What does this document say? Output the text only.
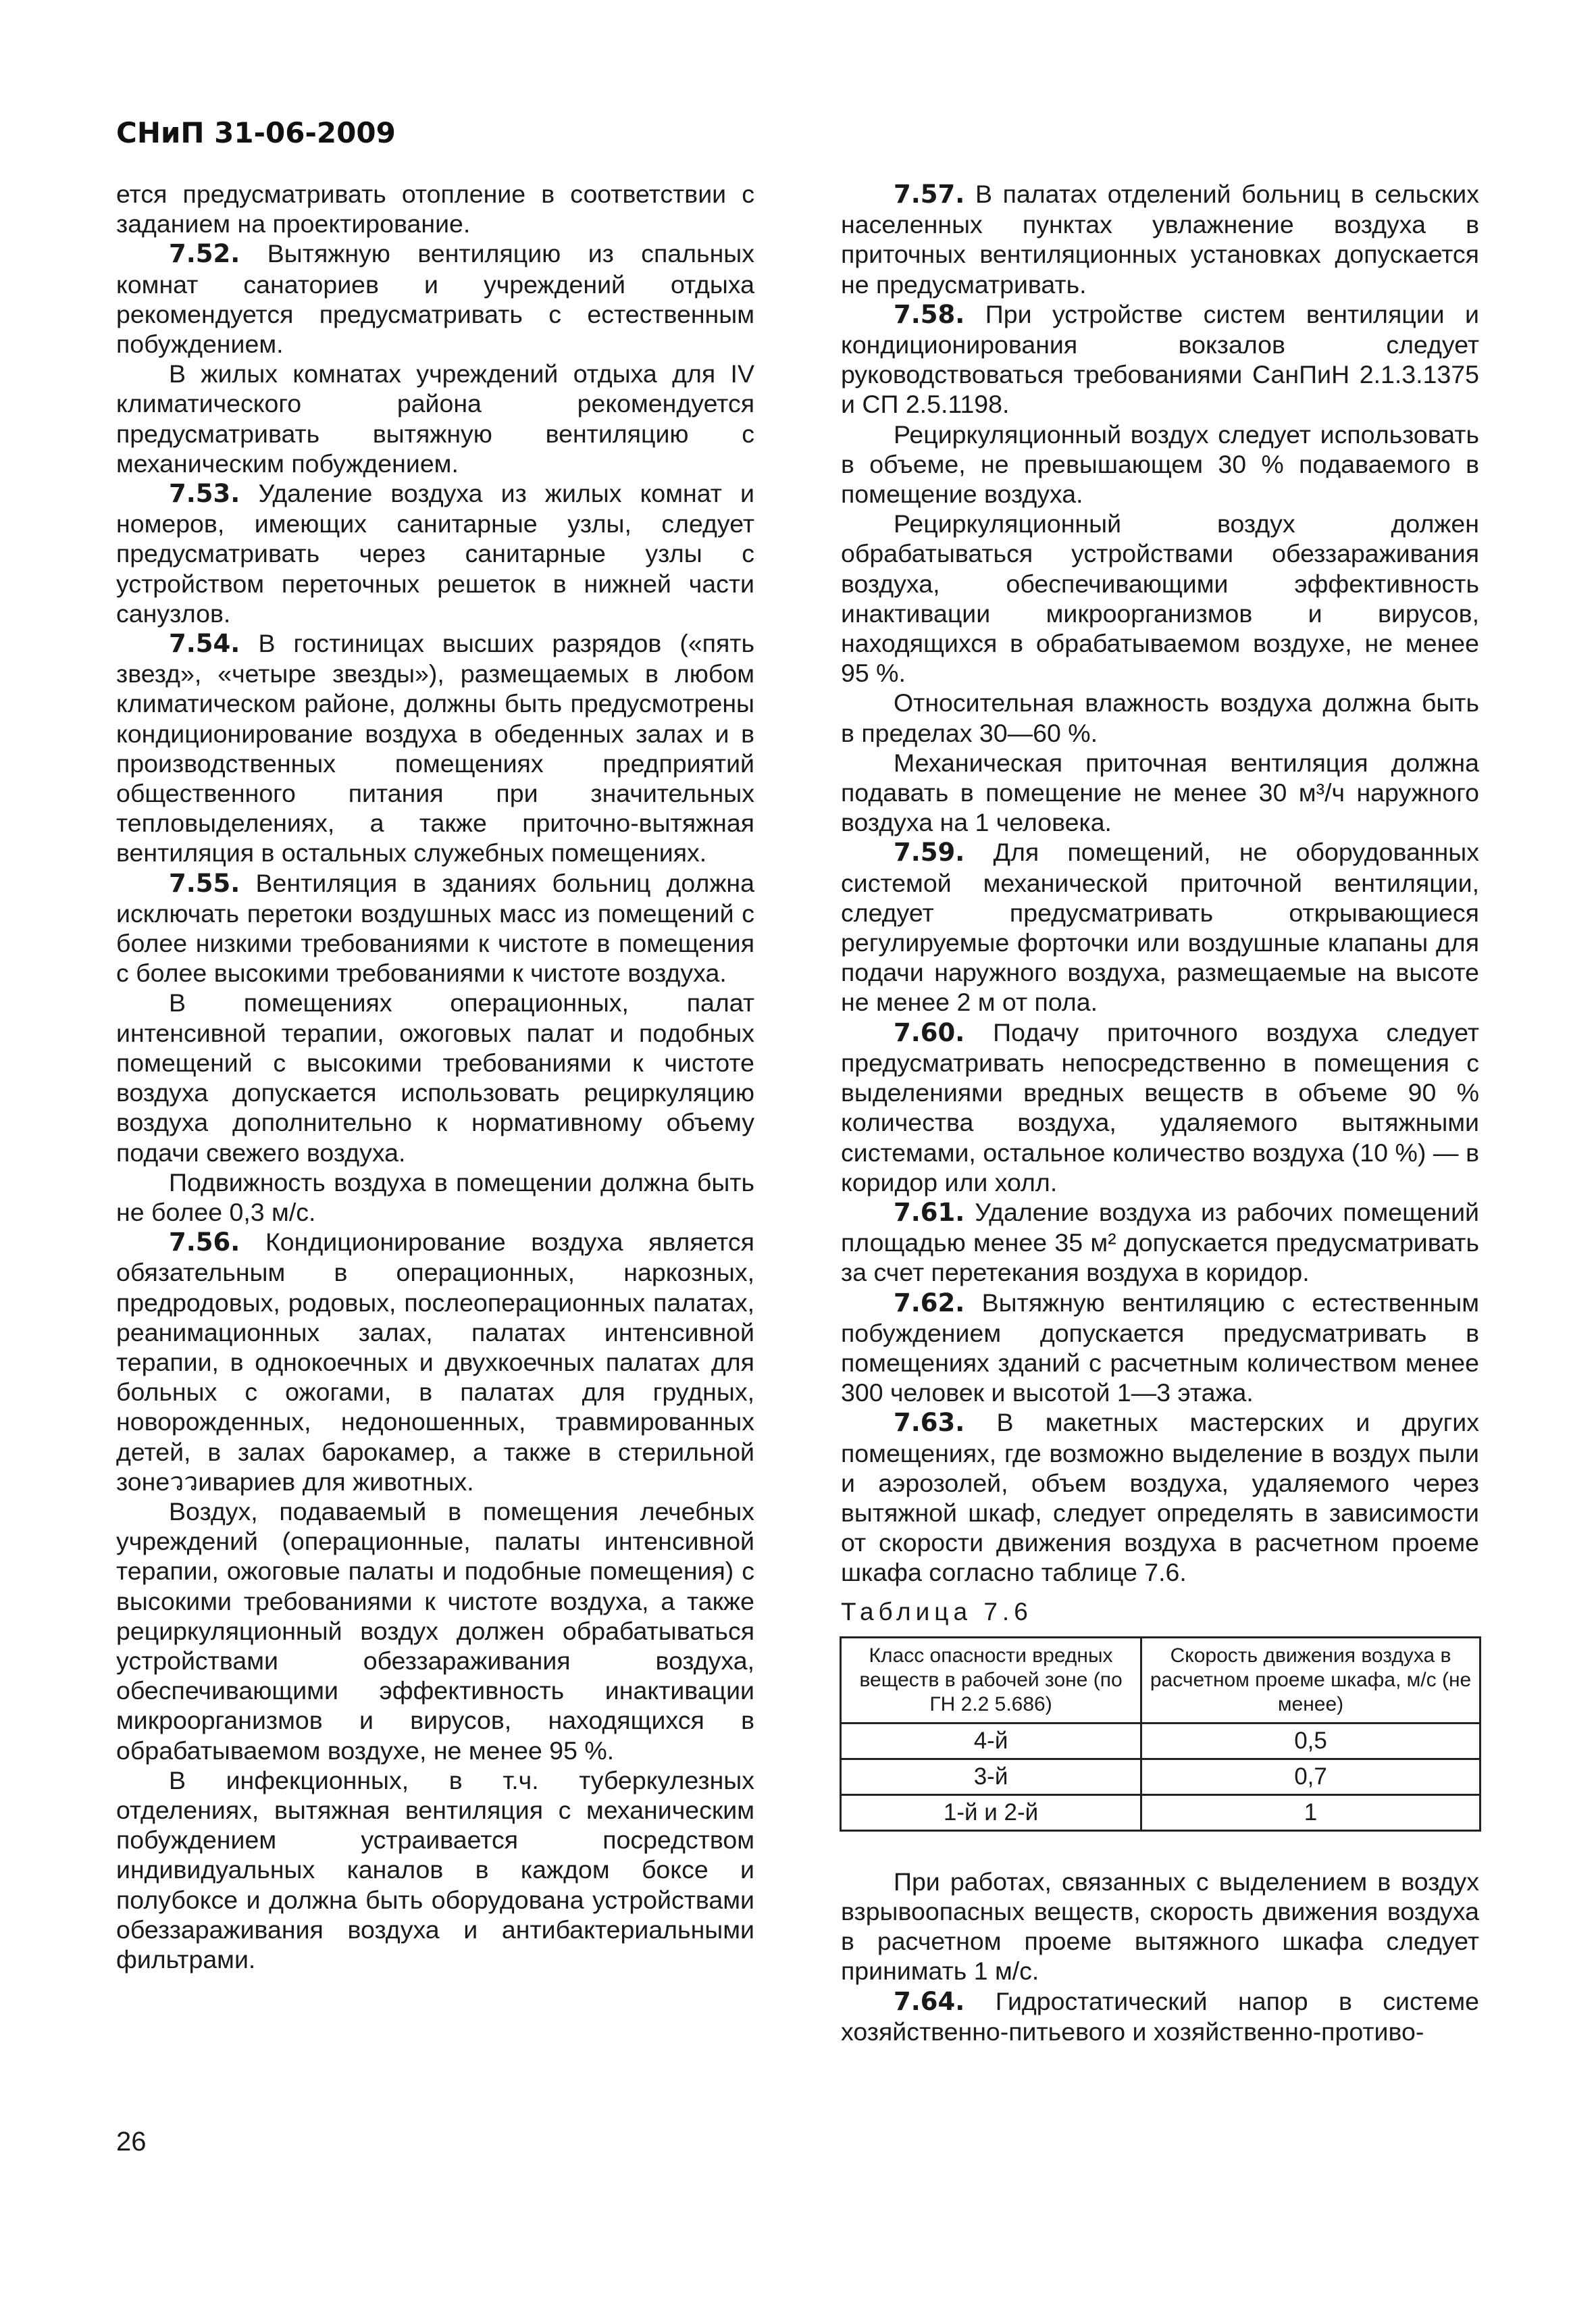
СНиП 31-06-2009

ется предусматривать отопление в соответствии с заданием на проектирование.

7.52. Вытяжную вентиляцию из спальных комнат санаториев и учреждений отдыха рекомендуется предусматривать с естественным побуждением.

В жилых комнатах учреждений отдыха для IV климатического района рекомендуется предусматривать вытяжную вентиляцию с механическим побуждением.

7.53. Удаление воздуха из жилых комнат и номеров, имеющих санитарные узлы, следует предусматривать через санитарные узлы с устройством переточных решеток в нижней части санузлов.

7.54. В гостиницах высших разрядов («пять звезд», «четыре звезды»), размещаемых в любом климатическом районе, должны быть предусмотрены кондиционирование воздуха в обеденных залах и в производственных помещениях предприятий общественного питания при значительных тепловыделениях, а также приточно-вытяжная вентиляция в остальных служебных помещениях.

7.55. Вентиляция в зданиях больниц должна исключать перетоки воздушных масс из помещений с более низкими требованиями к чистоте в помещения с более высокими требованиями к чистоте воздуха.

В помещениях операционных, палат интенсивной терапии, ожоговых палат и подобных помещений с высокими требованиями к чистоте воздуха допускается использовать рециркуляцию воздуха дополнительно к нормативному объему подачи свежего воздуха.

Подвижность воздуха в помещении должна быть не более 0,3 м/с.

7.56. Кондиционирование воздуха является обязательным в операционных, наркозных, предродовых, родовых, послеоперационных палатах, реанимационных залах, палатах интенсивной терапии, в однокоечных и двухкоечных палатах для больных с ожогами, в палатах для грудных, новорожденных, недоношенных, травмированных детей, в залах барокамер, а также в стерильной зонеววивариев для животных.

Воздух, подаваемый в помещения лечебных учреждений (операционные, палаты интенсивной терапии, ожоговые палаты и подобные помещения) с высокими требованиями к чистоте воздуха, а также рециркуляционный воздух должен обрабатываться устройствами обеззараживания воздуха, обеспечивающими эффективность инактивации микроорганизмов и вирусов, находящихся в обрабатываемом воздухе, не менее 95 %.

В инфекционных, в т.ч. туберкулезных отделениях, вытяжная вентиляция с механическим побуждением устраивается посредством индивидуальных каналов в каждом боксе и полубоксе и должна быть оборудована устройствами обеззараживания воздуха и антибактериальными фильтрами.

7.57. В палатах отделений больниц в сельских населенных пунктах увлажнение воздуха в приточных вентиляционных установках допускается не предусматривать.

7.58. При устройстве систем вентиляции и кондиционирования вокзалов следует руководствоваться требованиями СанПиН 2.1.3.1375 и СП 2.5.1198.

Рециркуляционный воздух следует использовать в объеме, не превышающем 30 % подаваемого в помещение воздуха.

Рециркуляционный воздух должен обрабатываться устройствами обеззараживания воздуха, обеспечивающими эффективность инактивации микроорганизмов и вирусов, находящихся в обрабатываемом воздухе, не менее 95 %.

Относительная влажность воздуха должна быть в пределах 30—60 %.

Механическая приточная вентиляция должна подавать в помещение не менее 30 м³/ч наружного воздуха на 1 человека.

7.59. Для помещений, не оборудованных системой механической приточной вентиляции, следует предусматривать открывающиеся регулируемые форточки или воздушные клапаны для подачи наружного воздуха, размещаемые на высоте не менее 2 м от пола.

7.60. Подачу приточного воздуха следует предусматривать непосредственно в помещения с выделениями вредных веществ в объеме 90 % количества воздуха, удаляемого вытяжными системами, остальное количество воздуха (10 %) — в коридор или холл.

7.61. Удаление воздуха из рабочих помещений площадью менее 35 м² допускается предусматривать за счет перетекания воздуха в коридор.

7.62. Вытяжную вентиляцию с естественным побуждением допускается предусматривать в помещениях зданий с расчетным количеством менее 300 человек и высотой 1—3 этажа.

7.63. В макетных мастерских и других помещениях, где возможно выделение в воздух пыли и аэрозолей, объем воздуха, удаляемого через вытяжной шкаф, следует определять в зависимости от скорости движения воздуха в расчетном проеме шкафа согласно таблице 7.6.

Таблица 7.6
Класс опасности вредных веществ в рабочей зоне (по ГН 2.2 5.686)	Скорость движения воздуха в расчетном проеме шкафа, м/с (не менее)
4-й	0,5
3-й	0,7
1-й и 2-й	1

При работах, связанных с выделением в воздух взрывоопасных веществ, скорость движения воздуха в расчетном проеме вытяжного шкафа следует принимать 1 м/с.

7.64. Гидростатический напор в системе хозяйственно-питьевого и хозяйственно-противо-

26
